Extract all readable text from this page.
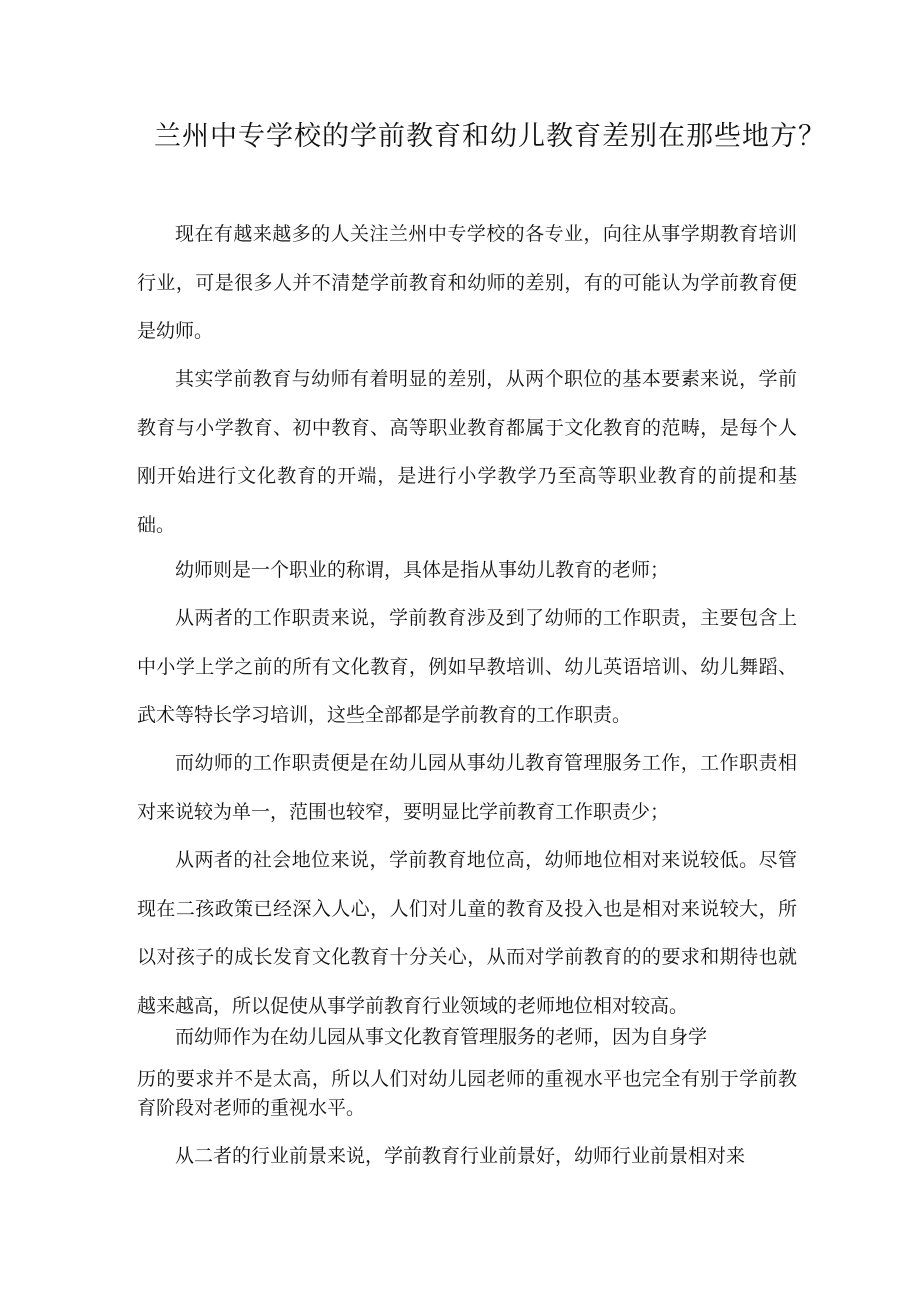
兰州中专学校的学前教育和幼儿教育差别在那些地方？

现在有越来越多的人关注兰州中专学校的各专业，向往从事学期教育培训行业，可是很多人并不清楚学前教育和幼师的差别，有的可能认为学前教育便是幼师。

其实学前教育与幼师有着明显的差别，从两个职位的基本要素来说，学前教育与小学教育、初中教育、高等职业教育都属于文化教育的范畴，是每个人刚开始进行文化教育的开端，是进行小学教学乃至高等职业教育的前提和基础。

幼师则是一个职业的称谓，具体是指从事幼儿教育的老师；

从两者的工作职责来说，学前教育涉及到了幼师的工作职责，主要包含上中小学上学之前的所有文化教育，例如早教培训、幼儿英语培训、幼儿舞蹈、武术等特长学习培训，这些全部都是学前教育的工作职责。

而幼师的工作职责便是在幼儿园从事幼儿教育管理服务工作，工作职责相对来说较为单一，范围也较窄，要明显比学前教育工作职责少；

从两者的社会地位来说，学前教育地位高，幼师地位相对来说较低。尽管现在二孩政策已经深入人心，人们对儿童的教育及投入也是相对来说较大，所以对孩子的成长发育文化教育十分关心，从而对学前教育的的要求和期待也就越来越高，所以促使从事学前教育行业领域的老师地位相对较高。

而幼师作为在幼儿园从事文化教育管理服务的老师，因为自身学

历的要求并不是太高，所以人们对幼儿园老师的重视水平也完全有别于学前教育阶段对老师的重视水平。

从二者的行业前景来说，学前教育行业前景好，幼师行业前景相对来
